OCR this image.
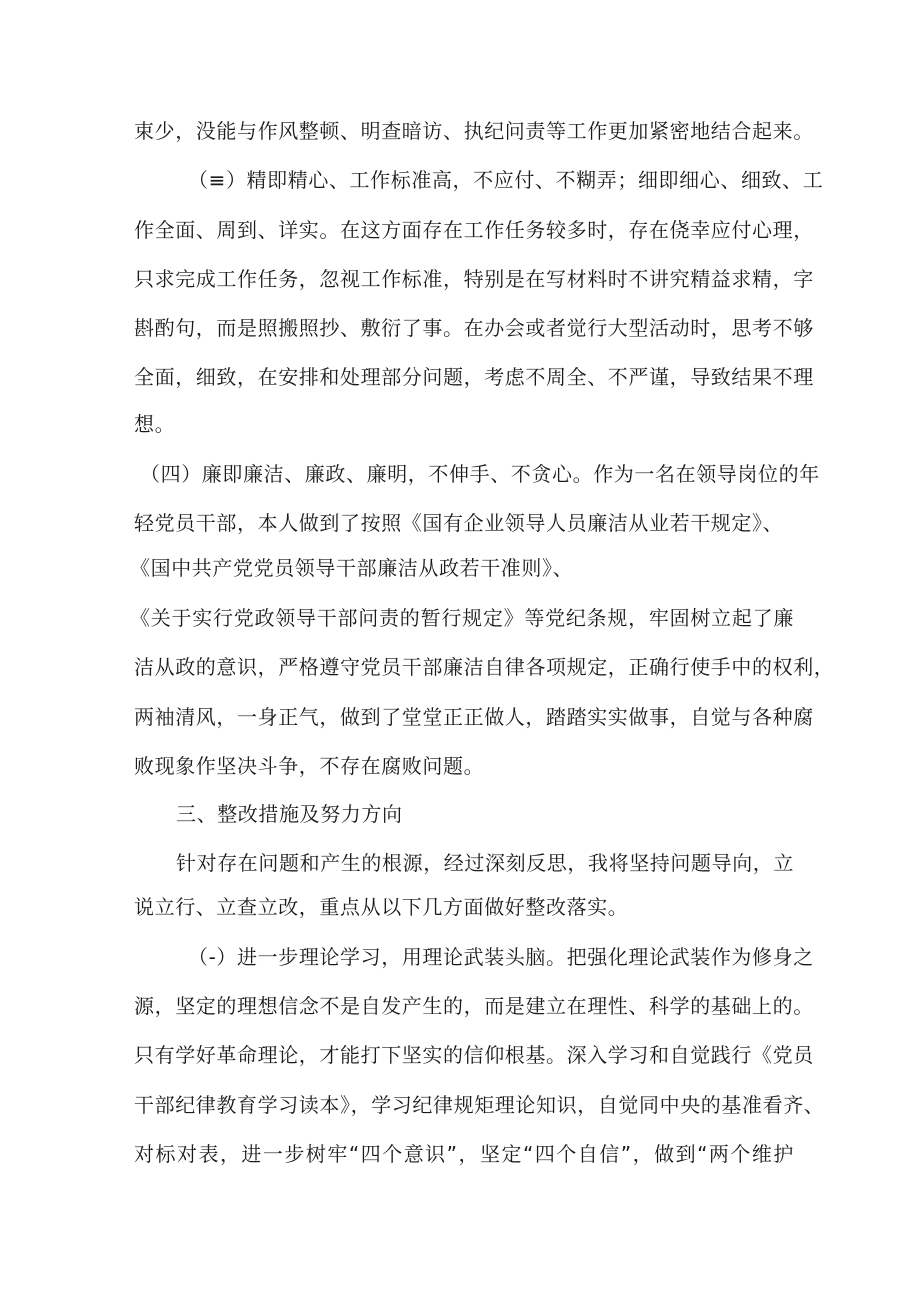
束少，没能与作风整顿、明查暗访、执纪问责等工作更加紧密地结合起来。
（≡）精即精心、工作标准高，不应付、不糊弄；细即细心、细致、工
作全面、周到、详实。在这方面存在工作任务较多时，存在侥幸应付心理，
只求完成工作任务，忽视工作标准，特别是在写材料时不讲究精益求精，字
斟酌句，而是照搬照抄、敷衍了事。在办会或者觉行大型活动时，思考不够
全面，细致，在安排和处理部分问题，考虑不周全、不严谨，导致结果不理
想。
（四）廉即廉洁、廉政、廉明，不伸手、不贪心。作为一名在领导岗位的年
轻党员干部，本人做到了按照《国有企业领导人员廉洁从业若干规定》、
《国中共产党党员领导干部廉洁从政若干准则》、
《关于实行党政领导干部问责的暂行规定》等党纪条规，牢固树立起了廉
洁从政的意识，严格遵守党员干部廉洁自律各项规定，正确行使手中的权利，
两袖清风，一身正气，做到了堂堂正正做人，踏踏实实做事，自觉与各种腐
败现象作坚决斗争，不存在腐败问题。
三、整改措施及努力方向
针对存在问题和产生的根源，经过深刻反思，我将坚持问题导向，立
说立行、立查立改，重点从以下几方面做好整改落实。
（-）进一步理论学习，用理论武装头脑。把强化理论武装作为修身之
源，坚定的理想信念不是自发产生的，而是建立在理性、科学的基础上的。
只有学好革命理论，才能打下坚实的信仰根基。深入学习和自觉践行《党员
干部纪律教育学习读本》，学习纪律规矩理论知识，自觉同中央的基准看齐、
对标对表，进一步树牢“四个意识”，坚定“四个自信”，做到“两个维护
